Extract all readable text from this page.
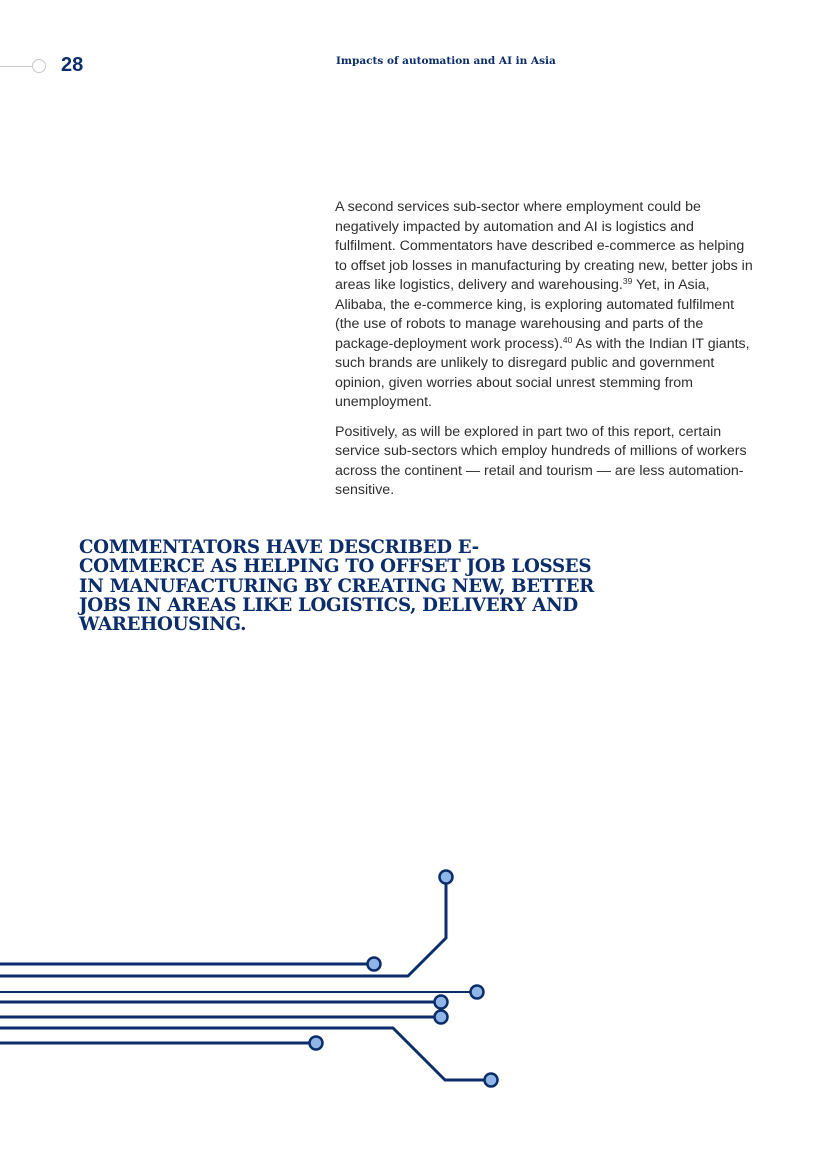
28	Impacts of automation and AI in Asia

A second services sub-sector where employment could be negatively impacted by automation and AI is logistics and fulfilment. Commentators have described e-commerce as helping to offset job losses in manufacturing by creating new, better jobs in areas like logistics, delivery and warehousing.$^{39}$ Yet, in Asia, Alibaba, the e-commerce king, is exploring automated fulfilment (the use of robots to manage warehousing and parts of the package-deployment work process).$^{40}$ As with the Indian IT giants, such brands are unlikely to disregard public and government opinion, given worries about social unrest stemming from unemployment.

Positively, as will be explored in part two of this report, certain service sub-sectors which employ hundreds of millions of workers across the continent — retail and tourism — are less automation-sensitive.

COMMENTATORS HAVE DESCRIBED E-COMMERCE AS HELPING TO OFFSET JOB LOSSES IN MANUFACTURING BY CREATING NEW, BETTER JOBS IN AREAS LIKE LOGISTICS, DELIVERY AND WAREHOUSING.
